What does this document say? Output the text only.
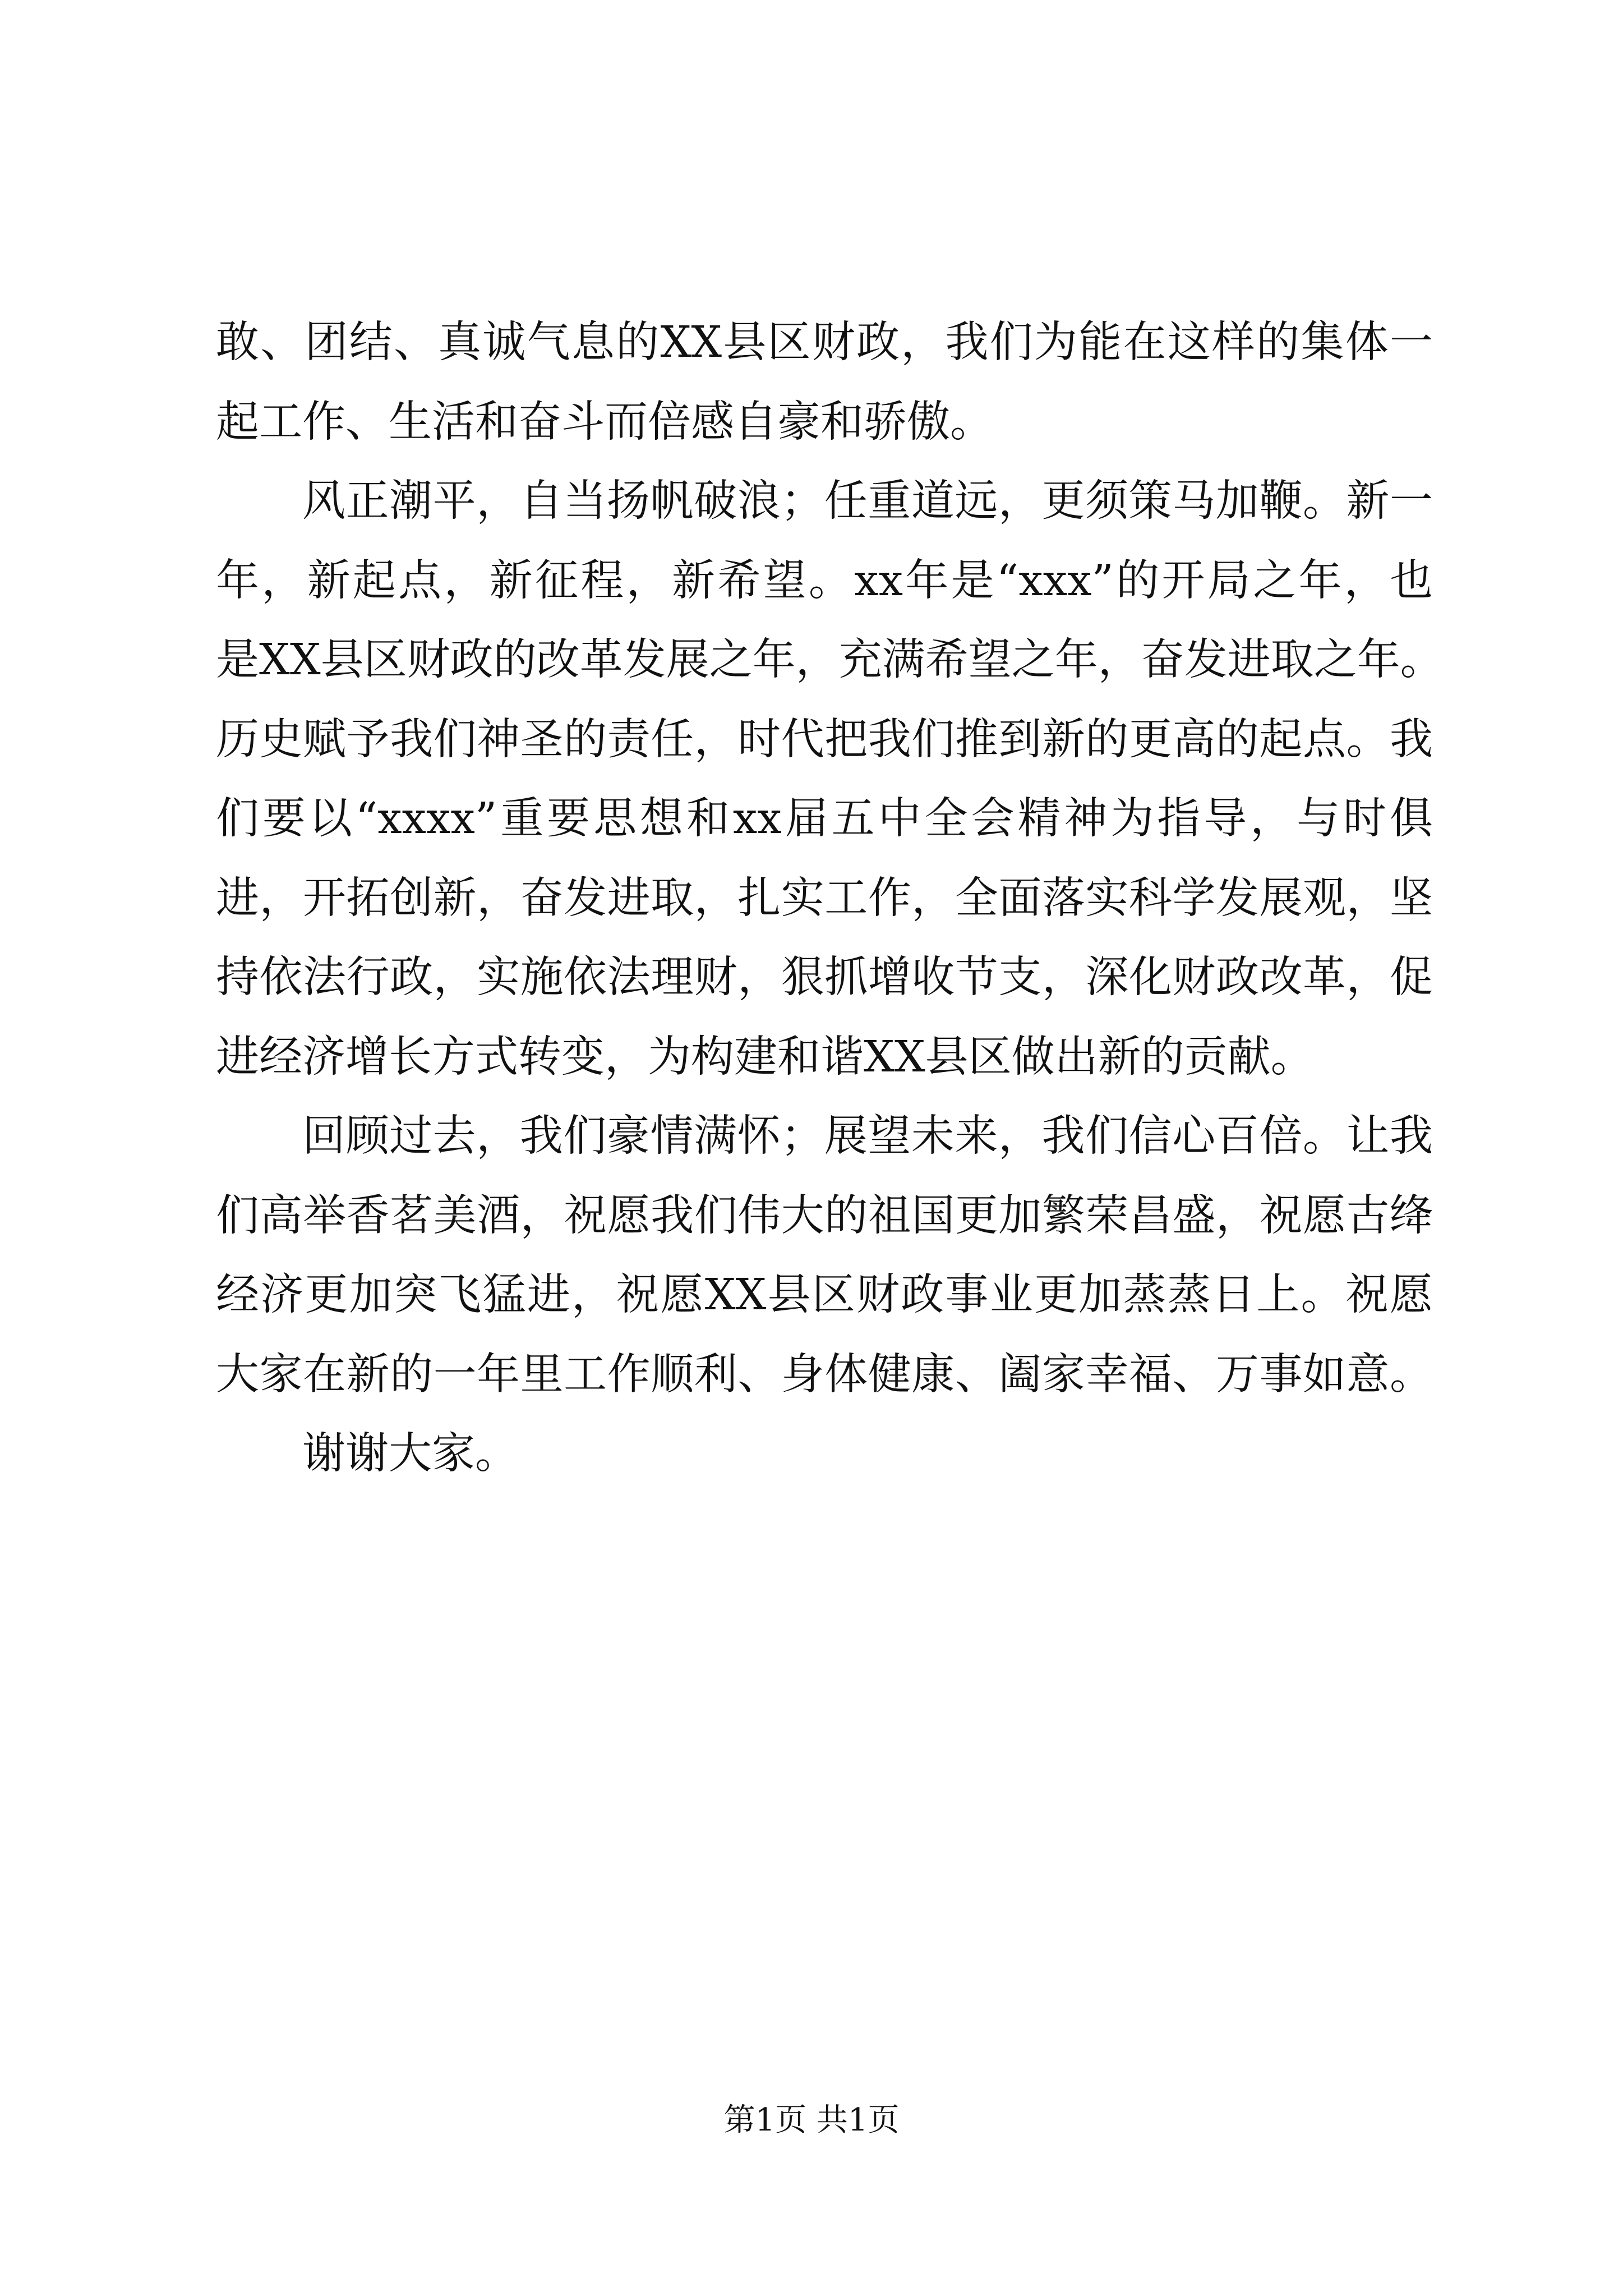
敢、团结、真诚气息的XX县区财政，我们为能在这样的集体一
起工作、生活和奋斗而倍感自豪和骄傲。
风正潮平，自当扬帆破浪；任重道远，更须策马加鞭。新一
年，新起点，新征程，新希望。xx年是“xxx”的开局之年，也
是XX县区财政的改革发展之年，充满希望之年，奋发进取之年。
历史赋予我们神圣的责任，时代把我们推到新的更高的起点。我
们要以“xxxx”重要思想和xx届五中全会精神为指导，与时俱
进，开拓创新，奋发进取，扎实工作，全面落实科学发展观，坚
持依法行政，实施依法理财，狠抓增收节支，深化财政改革，促
进经济增长方式转变，为构建和谐XX县区做出新的贡献。
回顾过去，我们豪情满怀；展望未来，我们信心百倍。让我
们高举香茗美酒，祝愿我们伟大的祖国更加繁荣昌盛，祝愿古绛
经济更加突飞猛进，祝愿XX县区财政事业更加蒸蒸日上。祝愿
大家在新的一年里工作顺利、身体健康、阖家幸福、万事如意。
谢谢大家。
第1页 共1页
